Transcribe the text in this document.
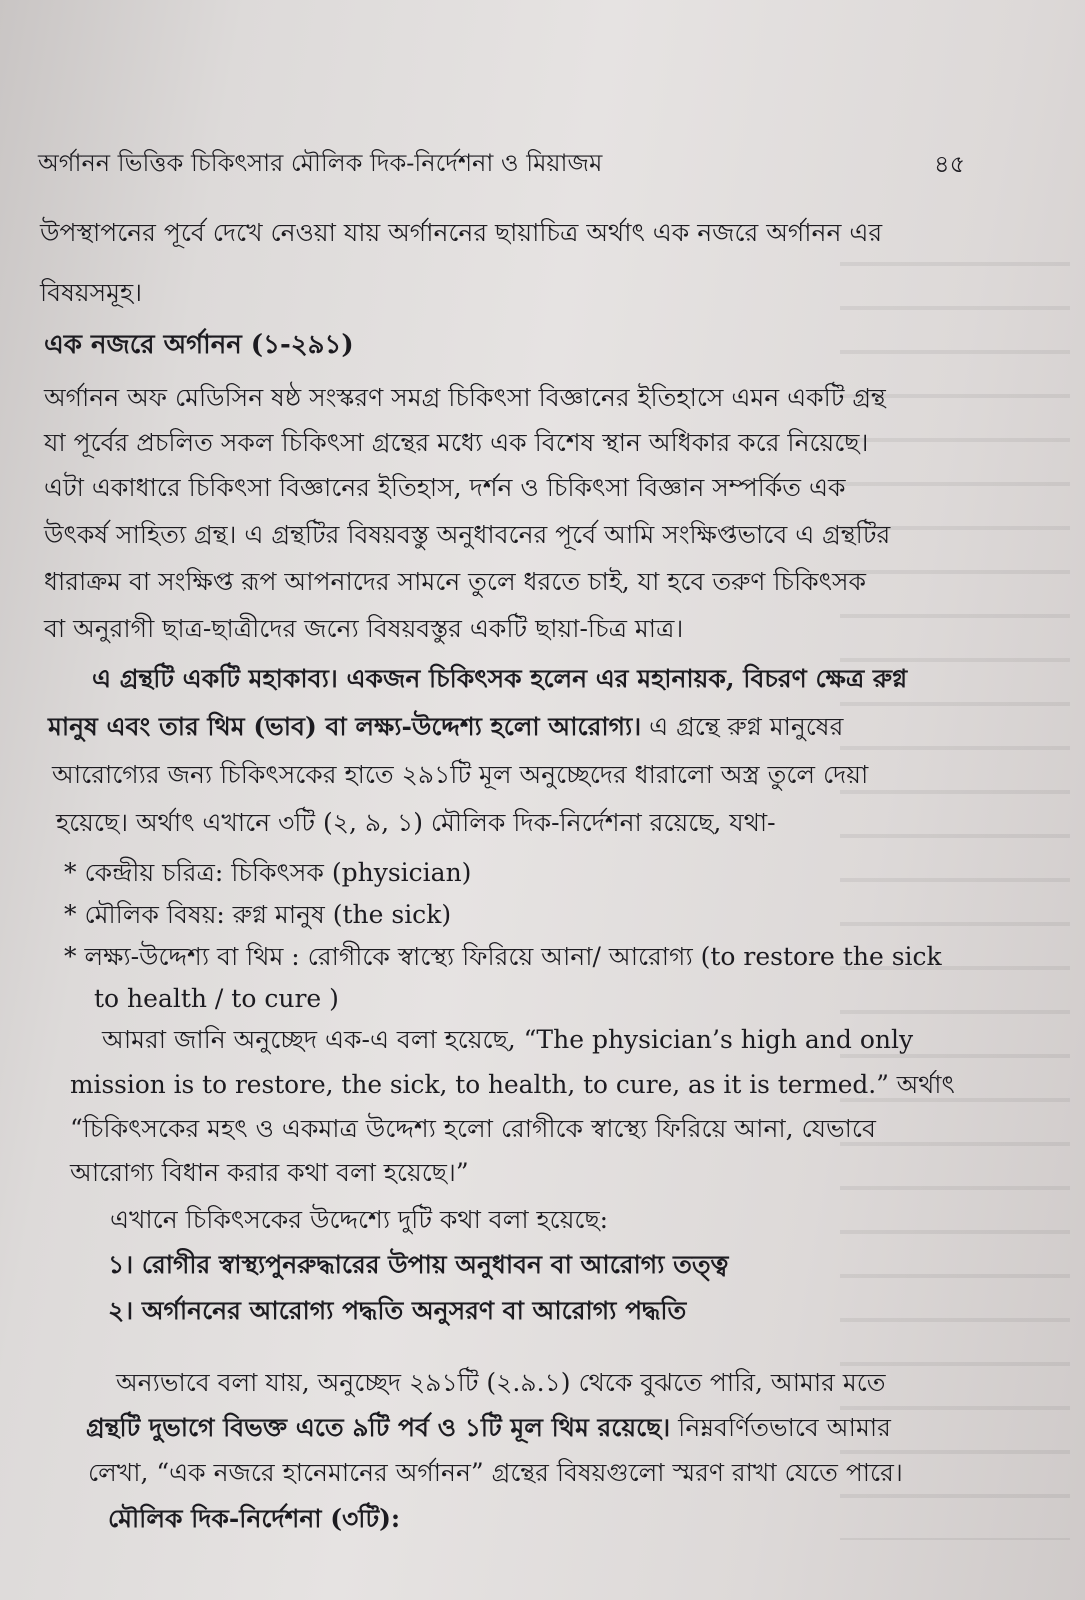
অর্গানন ভিত্তিক চিকিৎসার মৌলিক দিক-নির্দেশনা ও মিয়াজম	৪৫
উপস্থাপনের পূর্বে দেখে নেওয়া যায় অর্গাননের ছায়াচিত্র অর্থাৎ এক নজরে অর্গানন এর
বিষয়সমূহ।
এক নজরে অর্গানন (১-২৯১)
অর্গানন অফ মেডিসিন ষষ্ঠ সংস্করণ সমগ্র চিকিৎসা বিজ্ঞানের ইতিহাসে এমন একটি গ্রন্থ
যা পূর্বের প্রচলিত সকল চিকিৎসা গ্রন্থের মধ্যে এক বিশেষ স্থান অধিকার করে নিয়েছে।
এটা একাধারে চিকিৎসা বিজ্ঞানের ইতিহাস, দর্শন ও চিকিৎসা বিজ্ঞান সম্পর্কিত এক
উৎকর্ষ সাহিত্য গ্রন্থ। এ গ্রন্থটির বিষয়বস্তু অনুধাবনের পূর্বে আমি সংক্ষিপ্তভাবে এ গ্রন্থটির
ধারাক্রম বা সংক্ষিপ্ত রূপ আপনাদের সামনে তুলে ধরতে চাই, যা হবে তরুণ চিকিৎসক
বা অনুরাগী ছাত্র-ছাত্রীদের জন্যে বিষয়বস্তুর একটি ছায়া-চিত্র মাত্র।
এ গ্রন্থটি একটি মহাকাব্য। একজন চিকিৎসক হলেন এর মহানায়ক, বিচরণ ক্ষেত্র রুগ্ন
মানুষ এবং তার থিম (ভাব) বা লক্ষ্য-উদ্দেশ্য হলো আরোগ্য। এ গ্রন্থে রুগ্ন মানুষের
আরোগ্যের জন্য চিকিৎসকের হাতে ২৯১টি মূল অনুচ্ছেদের ধারালো অস্ত্র তুলে দেয়া
হয়েছে। অর্থাৎ এখানে ৩টি (২, ৯, ১) মৌলিক দিক-নির্দেশনা রয়েছে, যথা-
* কেন্দ্রীয় চরিত্র: চিকিৎসক (physician)
* মৌলিক বিষয়: রুগ্ন মানুষ (the sick)
* লক্ষ্য-উদ্দেশ্য বা থিম : রোগীকে স্বাস্থ্যে ফিরিয়ে আনা/ আরোগ্য (to restore the sick
to health / to cure )
আমরা জানি অনুচ্ছেদ এক-এ বলা হয়েছে, “The physician’s high and only
mission is to restore, the sick, to health, to cure, as it is termed.” অর্থাৎ
“চিকিৎসকের মহৎ ও একমাত্র উদ্দেশ্য হলো রোগীকে স্বাস্থ্যে ফিরিয়ে আনা, যেভাবে
আরোগ্য বিধান করার কথা বলা হয়েছে।”
এখানে চিকিৎসকের উদ্দেশ্যে দুটি কথা বলা হয়েছে:
১। রোগীর স্বাস্থ্যপুনরুদ্ধারের উপায় অনুধাবন বা আরোগ্য তত্ত্ব
২। অর্গাননের আরোগ্য পদ্ধতি অনুসরণ বা আরোগ্য পদ্ধতি
অন্যভাবে বলা যায়, অনুচ্ছেদ ২৯১টি (২.৯.১) থেকে বুঝতে পারি, আমার মতে
গ্রন্থটি দুভাগে বিভক্ত এতে ৯টি পর্ব ও ১টি মূল থিম রয়েছে। নিম্নবর্ণিতভাবে আমার
লেখা, “এক নজরে হানেমানের অর্গানন” গ্রন্থের বিষয়গুলো স্মরণ রাখা যেতে পারে।
মৌলিক দিক-নির্দেশনা (৩টি):
